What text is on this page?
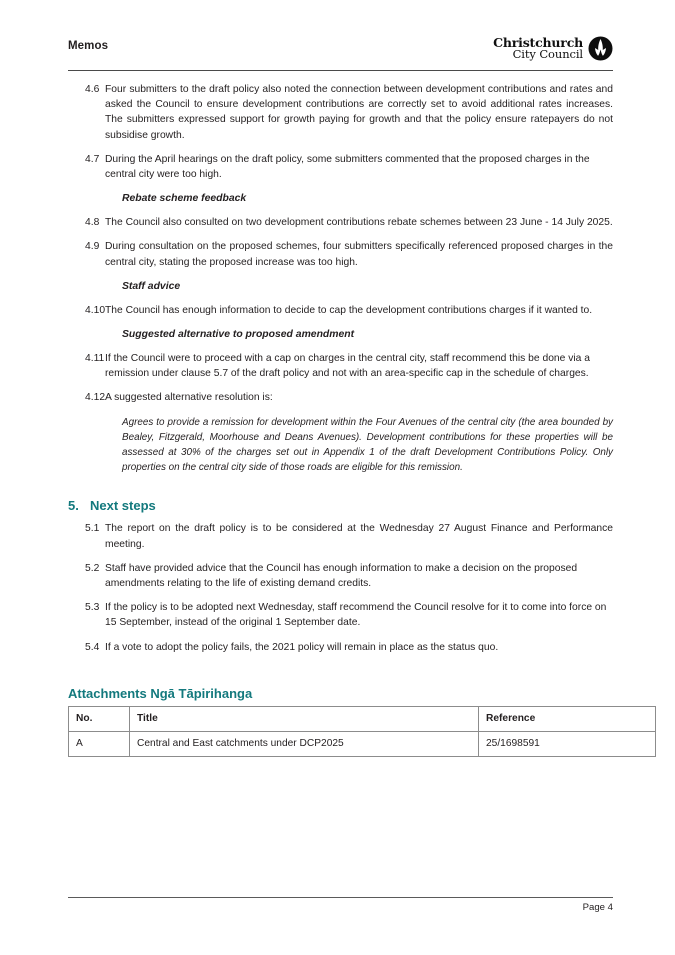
Memos	Christchurch
City Council
4.6 Four submitters to the draft policy also noted the connection between development contributions and rates and asked the Council to ensure development contributions are correctly set to avoid additional rates increases. The submitters expressed support for growth paying for growth and that the policy ensure ratepayers do not subsidise growth.
4.7 During the April hearings on the draft policy, some submitters commented that the proposed charges in the central city were too high.
Rebate scheme feedback
4.8 The Council also consulted on two development contributions rebate schemes between 23 June - 14 July 2025.
4.9 During consultation on the proposed schemes, four submitters specifically referenced proposed charges in the central city, stating the proposed increase was too high.
Staff advice
4.10 The Council has enough information to decide to cap the development contributions charges if it wanted to.
Suggested alternative to proposed amendment
4.11 If the Council were to proceed with a cap on charges in the central city, staff recommend this be done via a remission under clause 5.7 of the draft policy and not with an area-specific cap in the schedule of charges.
4.12 A suggested alternative resolution is:
Agrees to provide a remission for development within the Four Avenues of the central city (the area bounded by Bealey, Fitzgerald, Moorhouse and Deans Avenues). Development contributions for these properties will be assessed at 30% of the charges set out in Appendix 1 of the draft Development Contributions Policy. Only properties on the central city side of those roads are eligible for this remission.
5. Next steps
5.1 The report on the draft policy is to be considered at the Wednesday 27 August Finance and Performance meeting.
5.2 Staff have provided advice that the Council has enough information to make a decision on the proposed amendments relating to the life of existing demand credits.
5.3 If the policy is to be adopted next Wednesday, staff recommend the Council resolve for it to come into force on 15 September, instead of the original 1 September date.
5.4 If a vote to adopt the policy fails, the 2021 policy will remain in place as the status quo.
Attachments Ngā Tāpirihanga
No.	Title	Reference
A	Central and East catchments under DCP2025	25/1698591
Page 4
